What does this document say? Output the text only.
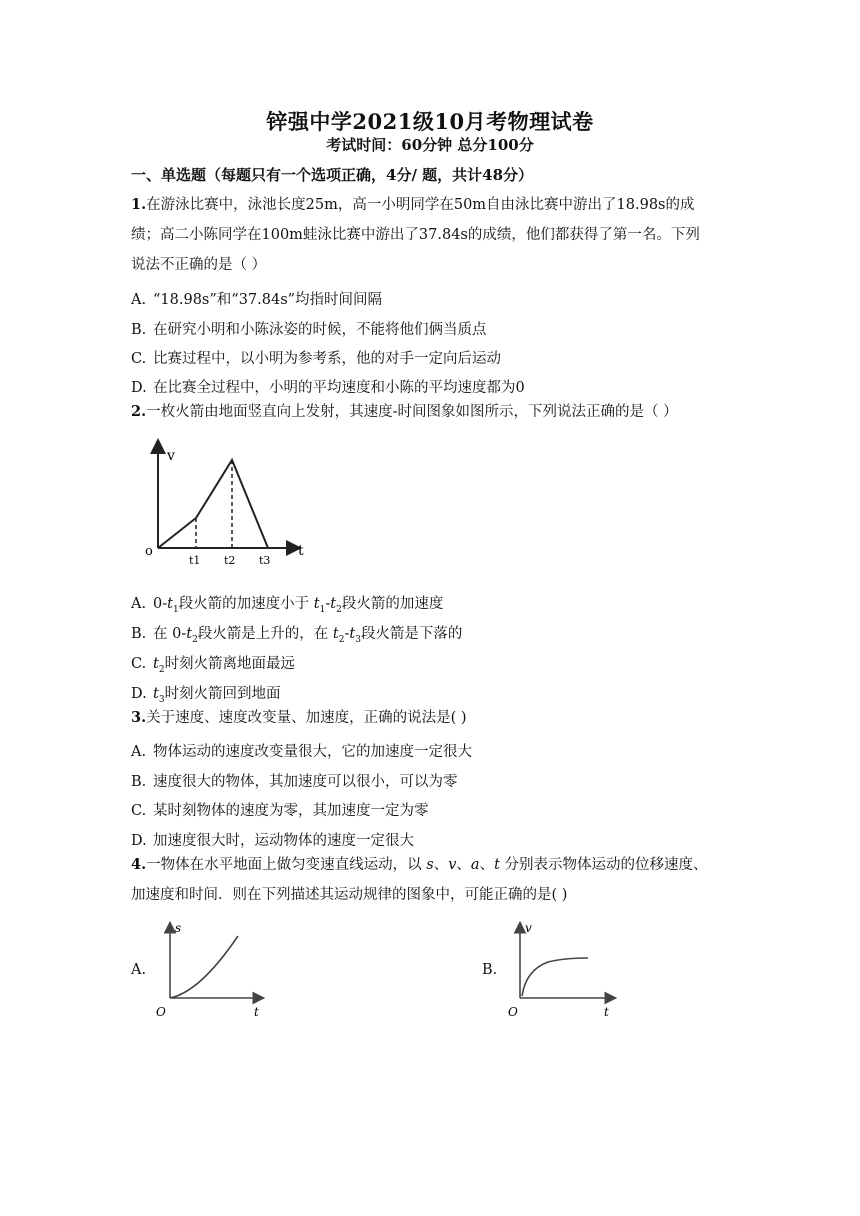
锌强中学2021级10月考物理试卷
考试时间：60分钟 总分100分
一、单选题（每题只有一个选项正确，4分/ 题，共计48分）
1.在游泳比赛中，泳池长度25m，高一小明同学在50m自由泳比赛中游出了18.98s的成
绩；高二小陈同学在100m蛙泳比赛中游出了37.84s的成绩，他们都获得了第一名。下列
说法不正确的是（ ）
A. “18.98s”和“37.84s”均指时间间隔
B. 在研究小明和小陈泳姿的时候，不能将他们俩当质点
C. 比赛过程中，以小明为参考系，他的对手一定向后运动
D. 在比赛全过程中，小明的平均速度和小陈的平均速度都为0
2.一枚火箭由地面竖直向上发射，其速度-时间图象如图所示，下列说法正确的是（ ）
v
t
o
t1 t2 t3
A. $0-t_1$段火箭的加速度小于 $t_1-t_2$段火箭的加速度
B. 在 $0-t_2$段火箭是上升的，在 $t_2-t_3$段火箭是下落的
C. $t_2$时刻火箭离地面最远
D. $t_3$时刻火箭回到地面
3.关于速度、速度改变量、加速度，正确的说法是( )
A. 物体运动的速度改变量很大，它的加速度一定很大
B. 速度很大的物体，其加速度可以很小，可以为零
C. 某时刻物体的速度为零，其加速度一定为零
D. 加速度很大时，运动物体的速度一定很大
4.一物体在水平地面上做匀变速直线运动，以 s、v、a、t 分别表示物体运动的位移速度、
加速度和时间．则在下列描述其运动规律的图象中，可能正确的是( )
A.
s
t
O
B.
v
t
O
